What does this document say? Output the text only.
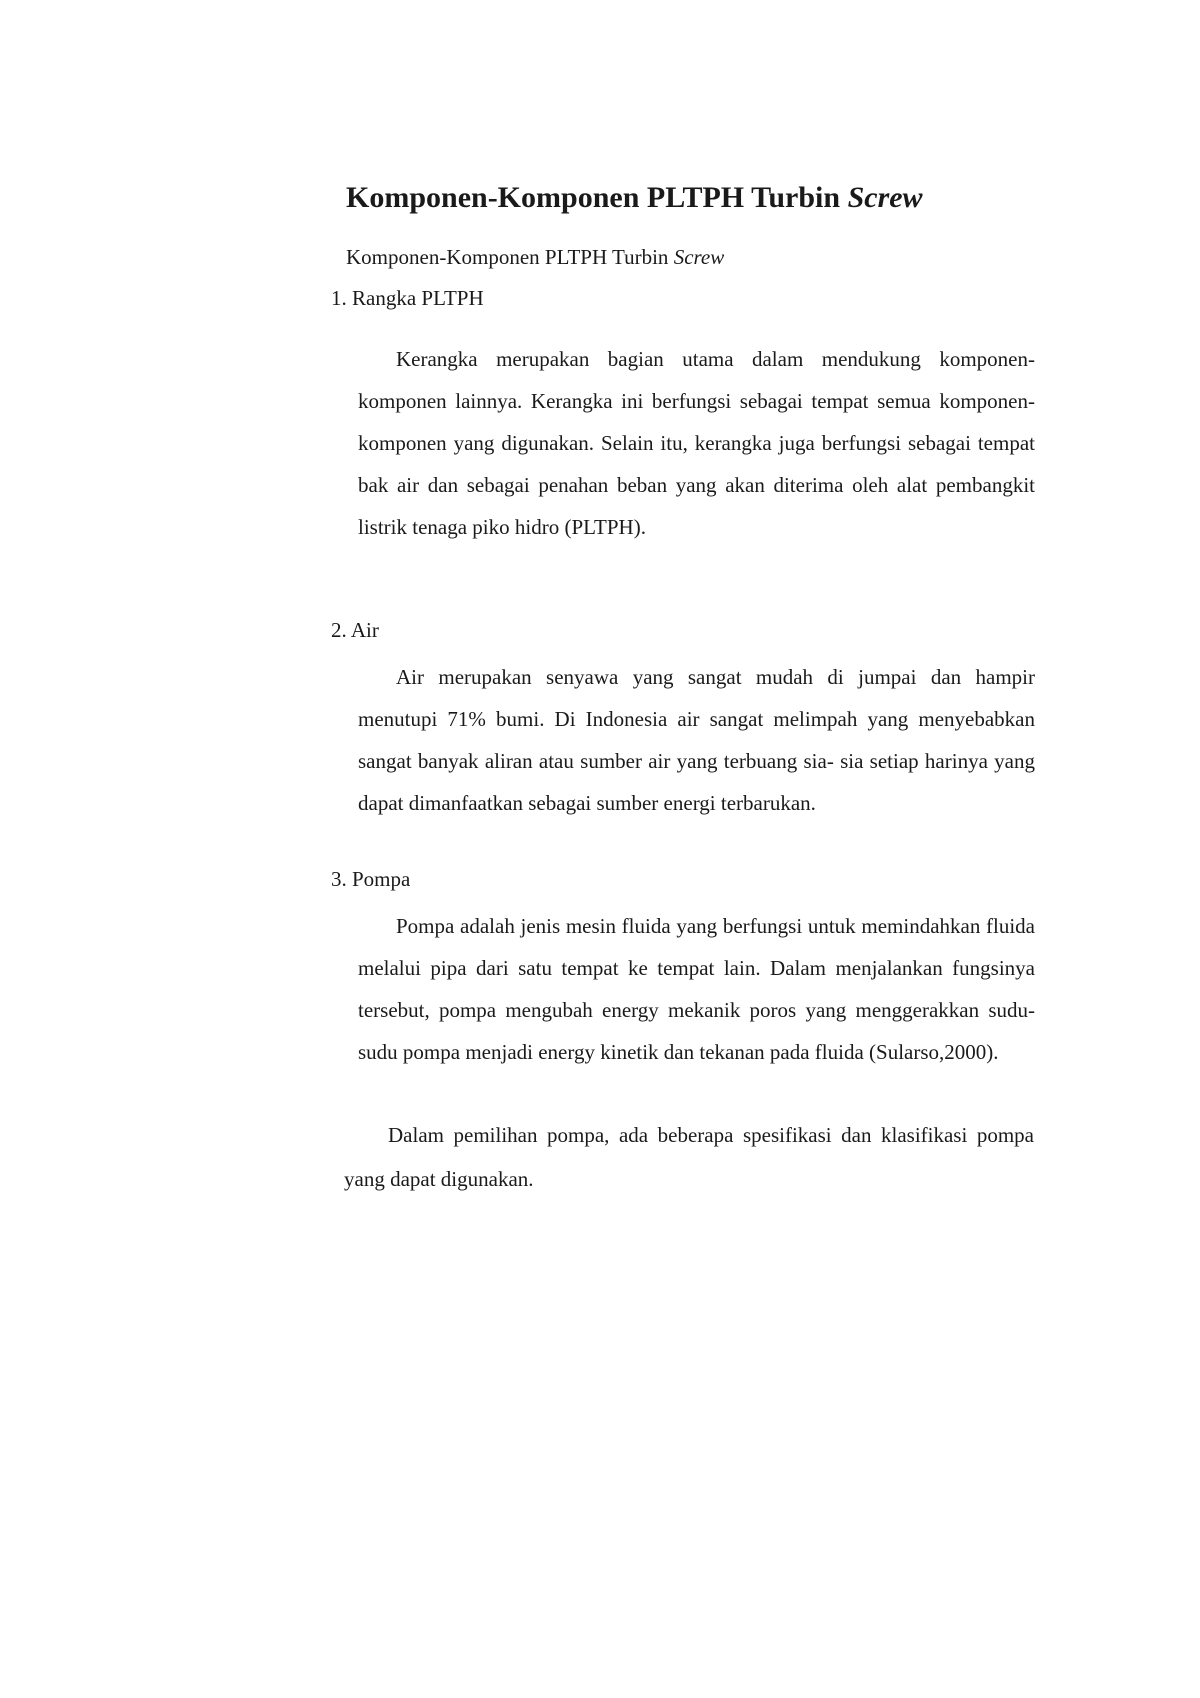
Komponen-Komponen PLTPH Turbin Screw
Komponen-Komponen PLTPH Turbin Screw
1. Rangka PLTPH

Kerangka merupakan bagian utama dalam mendukung komponen-komponen lainnya. Kerangka ini berfungsi sebagai tempat semua komponen-komponen yang digunakan. Selain itu, kerangka juga berfungsi sebagai tempat bak air dan sebagai penahan beban yang akan diterima oleh alat pembangkit listrik tenaga piko hidro (PLTPH).

2. Air

Air merupakan senyawa yang sangat mudah di jumpai dan hampir menutupi 71% bumi. Di Indonesia air sangat melimpah yang menyebabkan sangat banyak aliran atau sumber air yang terbuang sia- sia setiap harinya yang dapat dimanfaatkan sebagai sumber energi terbarukan.

3. Pompa

Pompa adalah jenis mesin fluida yang berfungsi untuk memindahkan fluida melalui pipa dari satu tempat ke tempat lain. Dalam menjalankan fungsinya tersebut, pompa mengubah energy mekanik poros yang menggerakkan sudu-sudu pompa menjadi energy kinetik dan tekanan pada fluida (Sularso,2000).

Dalam pemilihan pompa, ada beberapa spesifikasi dan klasifikasi pompa yang dapat digunakan.
